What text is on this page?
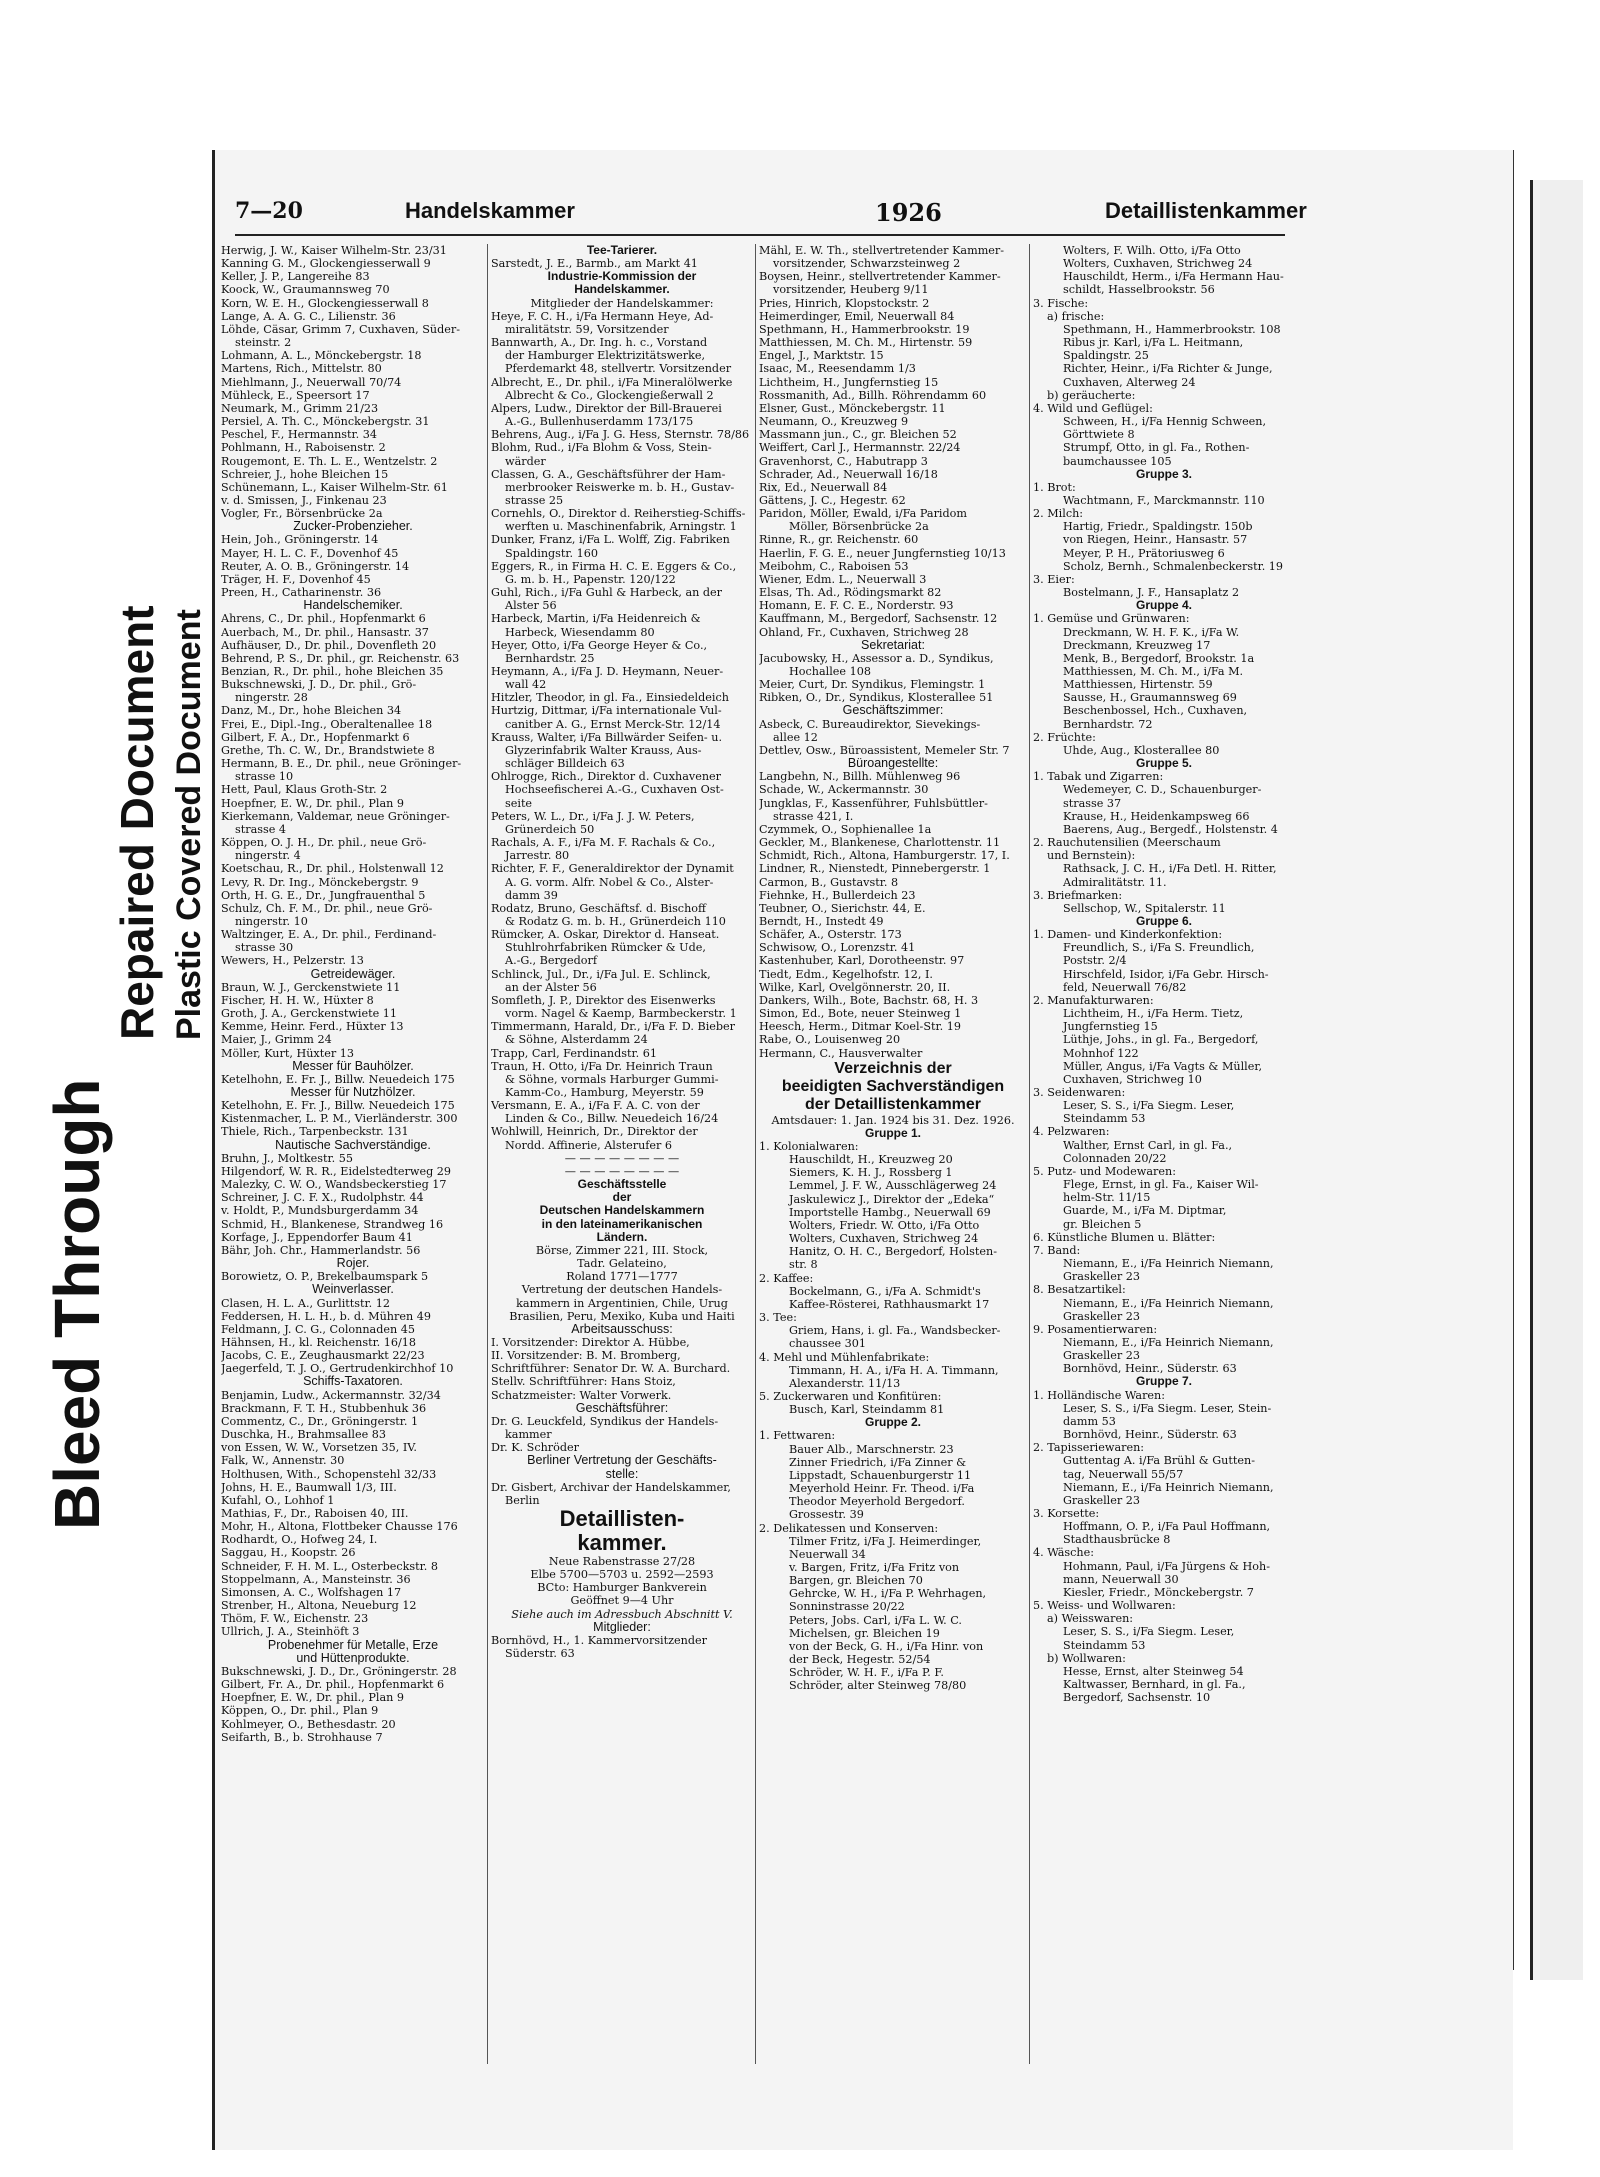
Bleed Through
Repaired Document Plastic Covered Document
7—20	Handelskammer	1926	Detaillistenkammer
Herwig, J. W., Kaiser Wilhelm-Str. 23/31
Kanning G. M., Glockengiesserwall 9
Keller, J. P., Langereihe 83
Koock, W., Graumannsweg 70
Korn, W. E. H., Glockengiesserwall 8
Lange, A. A. G. C., Lilienstr. 36
Löhde, Cäsar, Grimm 7, Cuxhaven, Süder-
steinstr. 2
Lohmann, A. L., Mönckebergstr. 18
Martens, Rich., Mittelstr. 80
Miehlmann, J., Neuerwall 70/74
Mühleck, E., Speersort 17
Neumark, M., Grimm 21/23
Persiel, A. Th. C., Mönckebergstr. 31
Peschel, F., Hermannstr. 34
Pohlmann, H., Raboisenstr. 2
Rougemont, E. Th. L. E., Wentzelstr. 2
Schreier, J., hohe Bleichen 15
Schünemann, L., Kaiser Wilhelm-Str. 61
v. d. Smissen, J., Finkenau 23
Vogler, Fr., Börsenbrücke 2a
Zucker-Probenzieher.
Hein, Joh., Gröningerstr. 14
Mayer, H. L. C. F., Dovenhof 45
Reuter, A. O. B., Gröningerstr. 14
Träger, H. F., Dovenhof 45
Preen, H., Catharinenstr. 36
Handelschemiker.
Ahrens, C., Dr. phil., Hopfenmarkt 6
Auerbach, M., Dr. phil., Hansastr. 37
Aufhäuser, D., Dr. phil., Dovenfleth 20
Behrend, P. S., Dr. phil., gr. Reichenstr. 63
Benzian, R., Dr. phil., hohe Bleichen 35
Bukschnewski, J. D., Dr. phil., Grö-
ningerstr. 28
Danz, M., Dr., hohe Bleichen 34
Frei, E., Dipl.-Ing., Oberaltenallee 18
Gilbert, F. A., Dr., Hopfenmarkt 6
Grethe, Th. C. W., Dr., Brandstwiete 8
Hermann, B. E., Dr. phil., neue Gröninger-
strasse 10
Hett, Paul, Klaus Groth-Str. 2
Hoepfner, E. W., Dr. phil., Plan 9
Kierkemann, Valdemar, neue Gröninger-
strasse 4
Köppen, O. J. H., Dr. phil., neue Grö-
ningerstr. 4
Koetschau, R., Dr. phil., Holstenwall 12
Levy, R. Dr. Ing., Mönckebergstr. 9
Orth, H. G. E., Dr., Jungfrauenthal 5
Schulz, Ch. F. M., Dr. phil., neue Grö-
ningerstr. 10
Waltzinger, E. A., Dr. phil., Ferdinand-
strasse 30
Wewers, H., Pelzerstr. 13
Getreidewäger.
Braun, W. J., Gerckenstwiete 11
Fischer, H. H. W., Hüxter 8
Groth, J. A., Gerckenstwiete 11
Kemme, Heinr. Ferd., Hüxter 13
Maier, J., Grimm 24
Möller, Kurt, Hüxter 13
Messer für Bauhölzer.
Ketelhohn, E. Fr. J., Billw. Neuedeich 175
Messer für Nutzhölzer.
Ketelhohn, E. Fr. J., Billw. Neuedeich 175
Kistenmacher, L. P. M., Vierländerstr. 300
Thiele, Rich., Tarpenbeckstr. 131
Nautische Sachverständige.
Bruhn, J., Moltkestr. 55
Hilgendorf, W. R. R., Eidelstedterweg 29
Malezky, C. W. O., Wandsbeckerstieg 17
Schreiner, J. C. F. X., Rudolphstr. 44
v. Holdt, P., Mundsburgerdamm 34
Schmid, H., Blankenese, Strandweg 16
Korfage, J., Eppendorfer Baum 41
Bähr, Joh. Chr., Hammerlandstr. 56
Rojer.
Borowietz, O. P., Brekelbaumspark 5
Weinverlasser.
Clasen, H. L. A., Gurlittstr. 12
Feddersen, H. L. H., b. d. Mühren 49
Feldmann, J. C. G., Colonnaden 45
Hähnsen, H., kl. Reichenstr. 16/18
Jacobs, C. E., Zeughausmarkt 22/23
Jaegerfeld, T. J. O., Gertrudenkirchhof 10
Schiffs-Taxatoren.
Benjamin, Ludw., Ackermannstr. 32/34
Brackmann, F. T. H., Stubbenhuk 36
Commentz, C., Dr., Gröningerstr. 1
Duschka, H., Brahmsallee 83
von Essen, W. W., Vorsetzen 35, IV.
Falk, W., Annenstr. 30
Holthusen, With., Schopenstehl 32/33
Johns, H. E., Baumwall 1/3, III.
Kufahl, O., Lohhof 1
Mathias, F., Dr., Raboisen 40, III.
Mohr, H., Altona, Flottbeker Chausse 176
Rodhardt, O., Hofweg 24, I.
Saggau, H., Koopstr. 26
Schneider, F. H. M. L., Osterbeckstr. 8
Stoppelmann, A., Mansteinstr. 36
Simonsen, A. C., Wolfshagen 17
Strenber, H., Altona, Neueburg 12
Thöm, F. W., Eichenstr. 23
Ullrich, J. A., Steinhöft 3
Probenehmer für Metalle, Erze
und Hüttenprodukte.
Bukschnewski, J. D., Dr., Gröningerstr. 28
Gilbert, Fr. A., Dr. phil., Hopfenmarkt 6
Hoepfner, E. W., Dr. phil., Plan 9
Köppen, O., Dr. phil., Plan 9
Kohlmeyer, O., Bethesdastr. 20
Seifarth, B., b. Strohhause 7
Tee-Tarierer.
Sarstedt, J. E., Barmb., am Markt 41
Industrie-Kommission der
Handelskammer.
Mitglieder der Handelskammer:
Heye, F. C. H., i/Fa Hermann Heye, Ad-
miralitätstr. 59, Vorsitzender
Bannwarth, A., Dr. Ing. h. c., Vorstand
der Hamburger Elektrizitätswerke,
Pferdemarkt 48, stellvertr. Vorsitzender
Albrecht, E., Dr. phil., i/Fa Mineralölwerke
Albrecht & Co., Glockengießerwall 2
Alpers, Ludw., Direktor der Bill-Brauerei
A.-G., Bullenhuserdamm 173/175
Behrens, Aug., i/Fa J. G. Hess, Sternstr. 78/86
Blohm, Rud., i/Fa Blohm & Voss, Stein-
wärder
Classen, G. A., Geschäftsführer der Ham-
merbrooker Reiswerke m. b. H., Gustav-
strasse 25
Cornehls, O., Direktor d. Reiherstieg-Schiffs-
werften u. Maschinenfabrik, Arningstr. 1
Dunker, Franz, i/Fa L. Wolff, Zig. Fabriken
Spaldingstr. 160
Eggers, R., in Firma H. C. E. Eggers & Co.,
G. m. b. H., Papenstr. 120/122
Guhl, Rich., i/Fa Guhl & Harbeck, an der
Alster 56
Harbeck, Martin, i/Fa Heidenreich &
Harbeck, Wiesendamm 80
Heyer, Otto, i/Fa George Heyer & Co.,
Bernhardstr. 25
Heymann, A., i/Fa J. D. Heymann, Neuer-
wall 42
Hitzler, Theodor, in gl. Fa., Einsiedeldeich
Hurtzig, Dittmar, i/Fa internationale Vul-
canitber A. G., Ernst Merck-Str. 12/14
Krauss, Walter, i/Fa Billwärder Seifen- u.
Glyzerinfabrik Walter Krauss, Aus-
schläger Billdeich 63
Ohlrogge, Rich., Direktor d. Cuxhavener
Hochseefischerei A.-G., Cuxhaven Ost-
seite
Peters, W. L., Dr., i/Fa J. J. W. Peters,
Grünerdeich 50
Rachals, A. F., i/Fa M. F. Rachals & Co.,
Jarrestr. 80
Richter, F. F., Generaldirektor der Dynamit
A. G. vorm. Alfr. Nobel & Co., Alster-
damm 39
Rodatz, Bruno, Geschäftsf. d. Bischoff
& Rodatz G. m. b. H., Grünerdeich 110
Rümcker, A. Oskar, Direktor d. Hanseat.
Stuhlrohrfabriken Rümcker & Ude,
A.-G., Bergedorf
Schlinck, Jul., Dr., i/Fa Jul. E. Schlinck,
an der Alster 56
Somfleth, J. P., Direktor des Eisenwerks
vorm. Nagel & Kaemp, Barmbeckerstr. 1
Timmermann, Harald, Dr., i/Fa F. D. Bieber
& Söhne, Alsterdamm 24
Trapp, Carl, Ferdinandstr. 61
Traun, H. Otto, i/Fa Dr. Heinrich Traun
& Söhne, vormals Harburger Gummi-
Kamm-Co., Hamburg, Meyerstr. 59
Versmann, E. A., i/Fa F. A. C. von der
Linden & Co., Billw. Neuedeich 16/24
Wohlwill, Heinrich, Dr., Direktor der
Nordd. Affinerie, Alsterufer 6
— — — — — — — —
— — — — — — — —
Geschäftsstelle
der
Deutschen Handelskammern
in den lateinamerikanischen
Ländern.
Börse, Zimmer 221, III. Stock,
Tadr. Gelateino,
Roland 1771—1777
Vertretung der deutschen Handels-
kammern in Argentinien, Chile, Urug
Brasilien, Peru, Mexiko, Kuba und Haiti
Arbeitsausschuss:
I. Vorsitzender: Direktor A. Hübbe,
II. Vorsitzender: B. M. Bromberg,
Schriftführer: Senator Dr. W. A. Burchard.
Stellv. Schriftführer: Hans Stoiz,
Schatzmeister: Walter Vorwerk.
Geschäftsführer:
Dr. G. Leuckfeld, Syndikus der Handels-
kammer
Dr. K. Schröder
Berliner Vertretung der Geschäfts-
stelle:
Dr. Gisbert, Archivar der Handelskammer,
Berlin
Detaillisten-
kammer.
Neue Rabenstrasse 27/28
Elbe 5700—5703 u. 2592—2593
BCto: Hamburger Bankverein
Geöffnet 9—4 Uhr
Siehe auch im Adressbuch Abschnitt V.
Mitglieder:
Bornhövd, H., 1. Kammervorsitzender
Süderstr. 63
Mähl, E. W. Th., stellvertretender Kammer-
vorsitzender, Schwarzsteinweg 2
Boysen, Heinr., stellvertretender Kammer-
vorsitzender, Heuberg 9/11
Pries, Hinrich, Klopstockstr. 2
Heimerdinger, Emil, Neuerwall 84
Spethmann, H., Hammerbrookstr. 19
Matthiessen, M. Ch. M., Hirtenstr. 59
Engel, J., Marktstr. 15
Isaac, M., Reesendamm 1/3
Lichtheim, H., Jungfernstieg 15
Rossmanith, Ad., Billh. Röhrendamm 60
Elsner, Gust., Mönckebergstr. 11
Neumann, O., Kreuzweg 9
Massmann jun., C., gr. Bleichen 52
Weiffert, Carl J., Hermannstr. 22/24
Gravenhorst, C., Habutrapp 3
Schrader, Ad., Neuerwall 16/18
Rix, Ed., Neuerwall 84
Gättens, J. C., Hegestr. 62
Paridon, Möller, Ewald, i/Fa Paridom
Möller, Börsenbrücke 2a
Rinne, R., gr. Reichenstr. 60
Haerlin, F. G. E., neuer Jungfernstieg 10/13
Meibohm, C., Raboisen 53
Wiener, Edm. L., Neuerwall 3
Elsas, Th. Ad., Rödingsmarkt 82
Homann, E. F. C. E., Norderstr. 93
Kauffmann, M., Bergedorf, Sachsenstr. 12
Ohland, Fr., Cuxhaven, Strichweg 28
Sekretariat:
Jacubowsky, H., Assessor a. D., Syndikus,
Hochallee 108
Meier, Curt, Dr. Syndikus, Flemingstr. 1
Ribken, O., Dr., Syndikus, Klosterallee 51
Geschäftszimmer:
Asbeck, C. Bureaudirektor, Sievekings-
allee 12
Dettlev, Osw., Büroassistent, Memeler Str. 7
Büroangestellte:
Langbehn, N., Billh. Mühlenweg 96
Schade, W., Ackermannstr. 30
Jungklas, F., Kassenführer, Fuhlsbüttler-
strasse 421, I.
Czymmek, O., Sophienallee 1a
Geckler, M., Blankenese, Charlottenstr. 11
Schmidt, Rich., Altona, Hamburgerstr. 17, I.
Lindner, R., Nienstedt, Pinnebergerstr. 1
Carmon, B., Gustavstr. 8
Fiehnke, H., Bullerdeich 23
Teubner, O., Sierichstr. 44, E.
Berndt, H., Instedt 49
Schäfer, A., Osterstr. 173
Schwisow, O., Lorenzstr. 41
Kastenhuber, Karl, Dorotheenstr. 97
Tiedt, Edm., Kegelhofstr. 12, I.
Wilke, Karl, Ovelgönnerstr. 20, II.
Dankers, Wilh., Bote, Bachstr. 68, H. 3
Simon, Ed., Bote, neuer Steinweg 1
Heesch, Herm., Ditmar Koel-Str. 19
Rabe, O., Louisenweg 20
Hermann, C., Hausverwalter
Verzeichnis der
beeidigten Sachverständigen
der Detaillistenkammer
Amtsdauer: 1. Jan. 1924 bis 31. Dez. 1926.
Gruppe 1.
1. Kolonialwaren:
Hauschildt, H., Kreuzweg 20
Siemers, K. H. J., Rossberg 1
Lemmel, J. F. W., Ausschlägerweg 24
Jaskulewicz J., Direktor der „Edeka“
Importstelle Hambg., Neuerwall 69
Wolters, Friedr. W. Otto, i/Fa Otto
Wolters, Cuxhaven, Strichweg 24
Hanitz, O. H. C., Bergedorf, Holsten-
str. 8
2. Kaffee:
Bockelmann, G., i/Fa A. Schmidt's
Kaffee-Rösterei, Rathhausmarkt 17
3. Tee:
Griem, Hans, i. gl. Fa., Wandsbecker-
chaussee 301
4. Mehl und Mühlenfabrikate:
Timmann, H. A., i/Fa H. A. Timmann,
Alexanderstr. 11/13
5. Zuckerwaren und Konfitüren:
Busch, Karl, Steindamm 81
Gruppe 2.
1. Fettwaren:
Bauer Alb., Marschnerstr. 23
Zinner Friedrich, i/Fa Zinner &
Lippstadt, Schauenburgerstr 11
Meyerhold Heinr. Fr. Theod. i/Fa
Theodor Meyerhold Bergedorf.
Grossestr. 39
2. Delikatessen und Konserven:
Tilmer Fritz, i/Fa J. Heimerdinger,
Neuerwall 34
v. Bargen, Fritz, i/Fa Fritz von
Bargen, gr. Bleichen 70
Gehrcke, W. H., i/Fa P. Wehrhagen,
Sonninstrasse 20/22
Peters, Jobs. Carl, i/Fa L. W. C.
Michelsen, gr. Bleichen 19
von der Beck, G. H., i/Fa Hinr. von
der Beck, Hegestr. 52/54
Schröder, W. H. F., i/Fa P. F.
Schröder, alter Steinweg 78/80
Wolters, F. Wilh. Otto, i/Fa Otto
Wolters, Cuxhaven, Strichweg 24
Hauschildt, Herm., i/Fa Hermann Hau-
schildt, Hasselbrookstr. 56
3. Fische:
a) frische:
Spethmann, H., Hammerbrookstr. 108
Ribus jr. Karl, i/Fa L. Heitmann,
Spaldingstr. 25
Richter, Heinr., i/Fa Richter & Junge,
Cuxhaven, Alterweg 24
b) geräucherte:
4. Wild und Geflügel:
Schween, H., i/Fa Hennig Schween,
Görttwiete 8
Strumpf, Otto, in gl. Fa., Rothen-
baumchaussee 105
Gruppe 3.
1. Brot:
Wachtmann, F., Marckmannstr. 110
2. Milch:
Hartig, Friedr., Spaldingstr. 150b
von Riegen, Heinr., Hansastr. 57
Meyer, P. H., Prätoriusweg 6
Scholz, Bernh., Schmalenbeckerstr. 19
3. Eier:
Bostelmann, J. F., Hansaplatz 2
Gruppe 4.
1. Gemüse und Grünwaren:
Dreckmann, W. H. F. K., i/Fa W.
Dreckmann, Kreuzweg 17
Menk, B., Bergedorf, Brookstr. 1a
Matthiessen, M. Ch. M., i/Fa M.
Matthiessen, Hirtenstr. 59
Sausse, H., Graumannsweg 69
Beschenbossel, Hch., Cuxhaven,
Bernhardstr. 72
2. Früchte:
Uhde, Aug., Klosterallee 80
Gruppe 5.
1. Tabak und Zigarren:
Wedemeyer, C. D., Schauenburger-
strasse 37
Krause, H., Heidenkampsweg 66
Baerens, Aug., Bergedf., Holstenstr. 4
2. Rauchutensilien (Meerschaum
und Bernstein):
Rathsack, J. C. H., i/Fa Detl. H. Ritter,
Admiralitätstr. 11.
3. Briefmarken:
Sellschop, W., Spitalerstr. 11
Gruppe 6.
1. Damen- und Kinderkonfektion:
Freundlich, S., i/Fa S. Freundlich,
Poststr. 2/4
Hirschfeld, Isidor, i/Fa Gebr. Hirsch-
feld, Neuerwall 76/82
2. Manufakturwaren:
Lichtheim, H., i/Fa Herm. Tietz,
Jungfernstieg 15
Lüthje, Johs., in gl. Fa., Bergedorf,
Mohnhof 122
Müller, Angus, i/Fa Vagts & Müller,
Cuxhaven, Strichweg 10
3. Seidenwaren:
Leser, S. S., i/Fa Siegm. Leser,
Steindamm 53
4. Pelzwaren:
Walther, Ernst Carl, in gl. Fa.,
Colonnaden 20/22
5. Putz- und Modewaren:
Flege, Ernst, in gl. Fa., Kaiser Wil-
helm-Str. 11/15
Guarde, M., i/Fa M. Diptmar,
gr. Bleichen 5
6. Künstliche Blumen u. Blätter:
7. Band:
Niemann, E., i/Fa Heinrich Niemann,
Graskeller 23
8. Besatzartikel:
Niemann, E., i/Fa Heinrich Niemann,
Graskeller 23
9. Posamentierwaren:
Niemann, E., i/Fa Heinrich Niemann,
Graskeller 23
Bornhövd, Heinr., Süderstr. 63
Gruppe 7.
1. Holländische Waren:
Leser, S. S., i/Fa Siegm. Leser, Stein-
damm 53
Bornhövd, Heinr., Süderstr. 63
2. Tapisseriewaren:
Guttentag A. i/Fa Brühl & Gutten-
tag, Neuerwall 55/57
Niemann, E., i/Fa Heinrich Niemann,
Graskeller 23
3. Korsette:
Hoffmann, O. P., i/Fa Paul Hoffmann,
Stadthausbrücke 8
4. Wäsche:
Hohmann, Paul, i/Fa Jürgens & Hoh-
mann, Neuerwall 30
Kiesler, Friedr., Mönckebergstr. 7
5. Weiss- und Wollwaren:
a) Weisswaren:
Leser, S. S., i/Fa Siegm. Leser,
Steindamm 53
b) Wollwaren:
Hesse, Ernst, alter Steinweg 54
Kaltwasser, Bernhard, in gl. Fa.,
Bergedorf, Sachsenstr. 10
